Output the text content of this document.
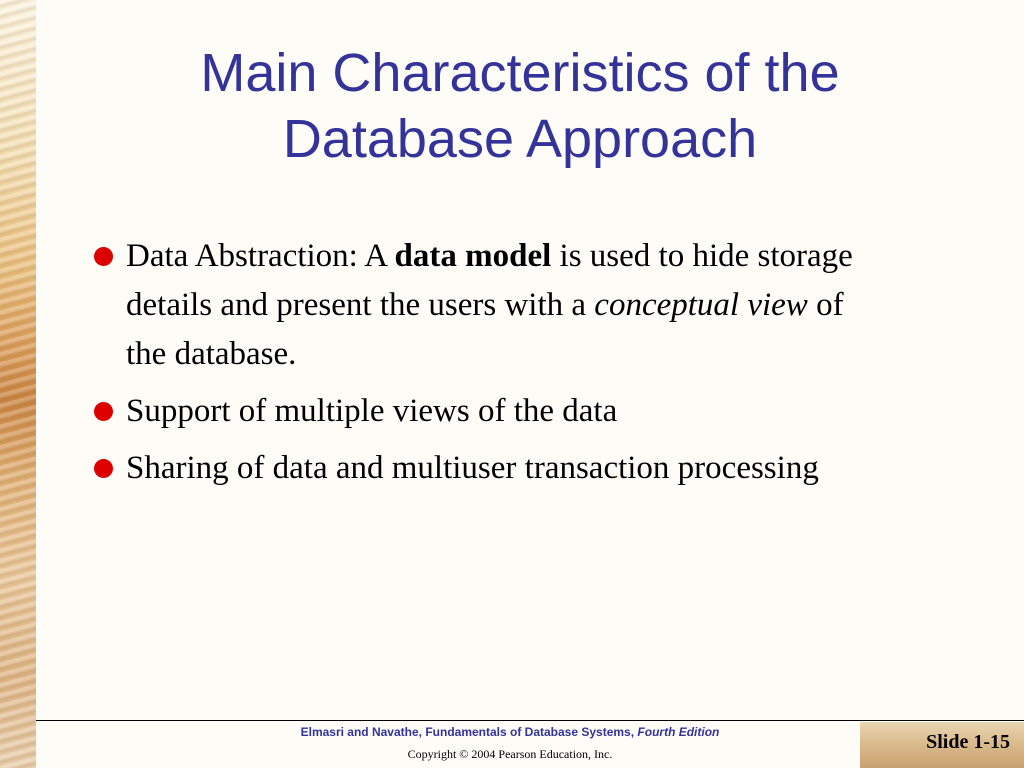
Main Characteristics of the
Database Approach
Data Abstraction: A data model is used to hide storage details and present the users with a conceptual view of the database.
Support of multiple views of the data
Sharing of data and multiuser transaction processing
Elmasri and Navathe, Fundamentals of Database Systems, Fourth Edition
Copyright © 2004 Pearson Education, Inc.
Slide 1-15
